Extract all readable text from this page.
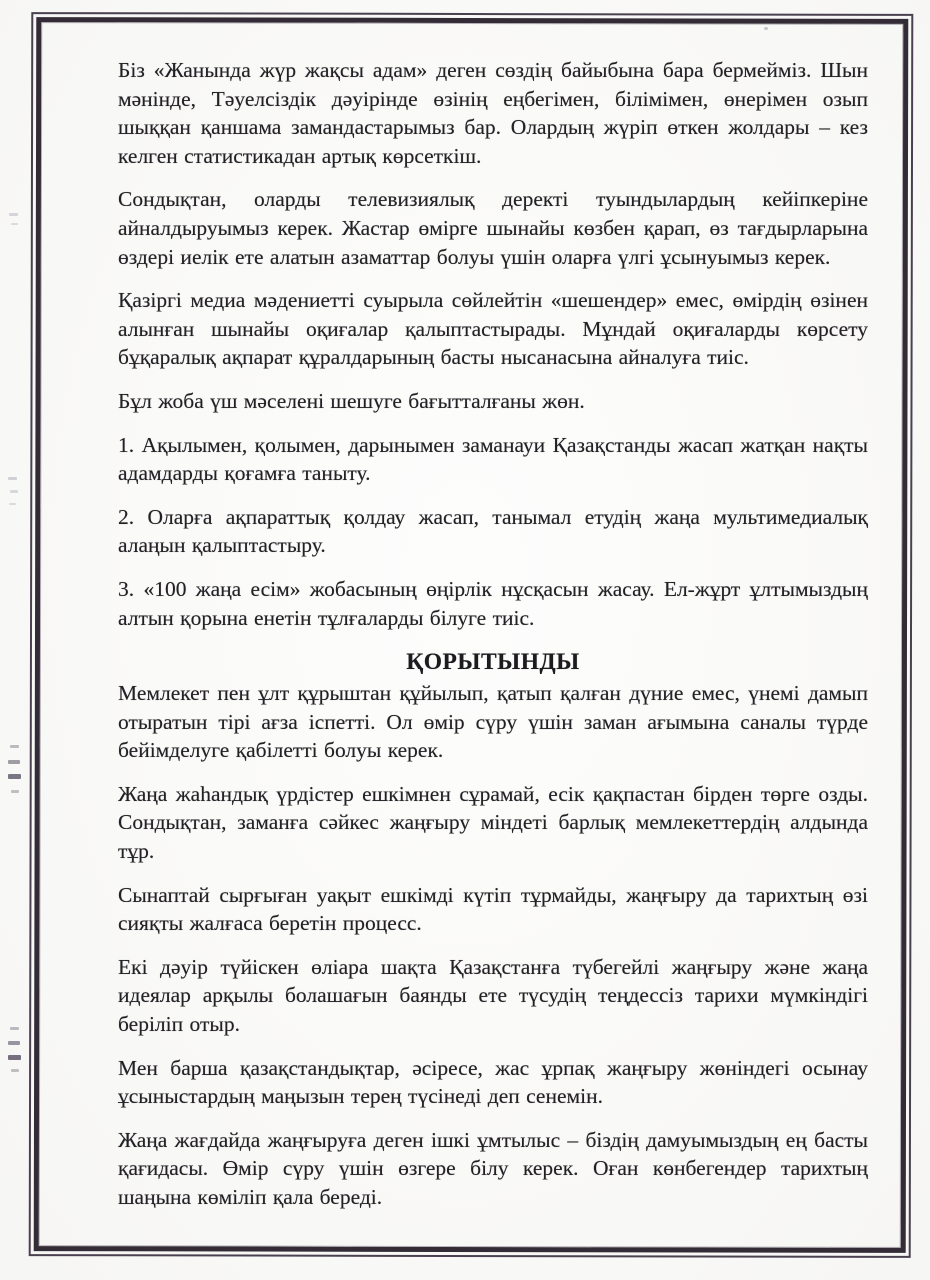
Біз «Жанында жүр жақсы адам» деген сөздің байыбына бара бермейміз. Шын мәнінде, Тәуелсіздік дәуірінде өзінің еңбегімен, білімімен, өнерімен озып шыққан қаншама замандастарымыз бар. Олардың жүріп өткен жолдары – кез келген статистикадан артық көрсеткіш.

Сондықтан, оларды телевизиялық деректі туындылардың кейіпкеріне айналдыруымыз керек. Жастар өмірге шынайы көзбен қарап, өз тағдырларына өздері иелік ете алатын азаматтар болуы үшін оларға үлгі ұсынуымыз керек.

Қазіргі медиа мәдениетті суырыла сөйлейтін «шешендер» емес, өмірдің өзінен алынған шынайы оқиғалар қалыптастырады. Мұндай оқиғаларды көрсету бұқаралық ақпарат құралдарының басты нысанасына айналуға тиіс.

Бұл жоба үш мәселені шешуге бағытталғаны жөн.

1. Ақылымен, қолымен, дарынымен заманауи Қазақстанды жасап жатқан нақты адамдарды қоғамға таныту.

2. Оларға ақпараттық қолдау жасап, танымал етудің жаңа мультимедиалық алаңын қалыптастыру.

3. «100 жаңа есім» жобасының өңірлік нұсқасын жасау. Ел-жұрт ұлтымыздың алтын қорына енетін тұлғаларды білуге тиіс.

ҚОРЫТЫНДЫ

Мемлекет пен ұлт құрыштан құйылып, қатып қалған дүние емес, үнемі дамып отыратын тірі ағза іспетті. Ол өмір сүру үшін заман ағымына саналы түрде бейімделуге қабілетті болуы керек.

Жаңа жаһандық үрдістер ешкімнен сұрамай, есік қақпастан бірден төрге озды. Сондықтан, заманға сәйкес жаңғыру міндеті барлық мемлекеттердің алдында тұр.

Сынаптай сырғыған уақыт ешкімді күтіп тұрмайды, жаңғыру да тарихтың өзі сияқты жалғаса беретін процесс.

Екі дәуір түйіскен өліара шақта Қазақстанға түбегейлі жаңғыру және жаңа идеялар арқылы болашағын баянды ете түсудің теңдессіз тарихи мүмкіндігі беріліп отыр.

Мен барша қазақстандықтар, әсіресе, жас ұрпақ жаңғыру жөніндегі осынау ұсыныстардың маңызын терең түсінеді деп сенемін.

Жаңа жағдайда жаңғыруға деген ішкі ұмтылыс – біздің дамуымыздың ең басты қағидасы. Өмір сүру үшін өзгере білу керек. Оған көнбегендер тарихтың шаңына көміліп қала береді.
